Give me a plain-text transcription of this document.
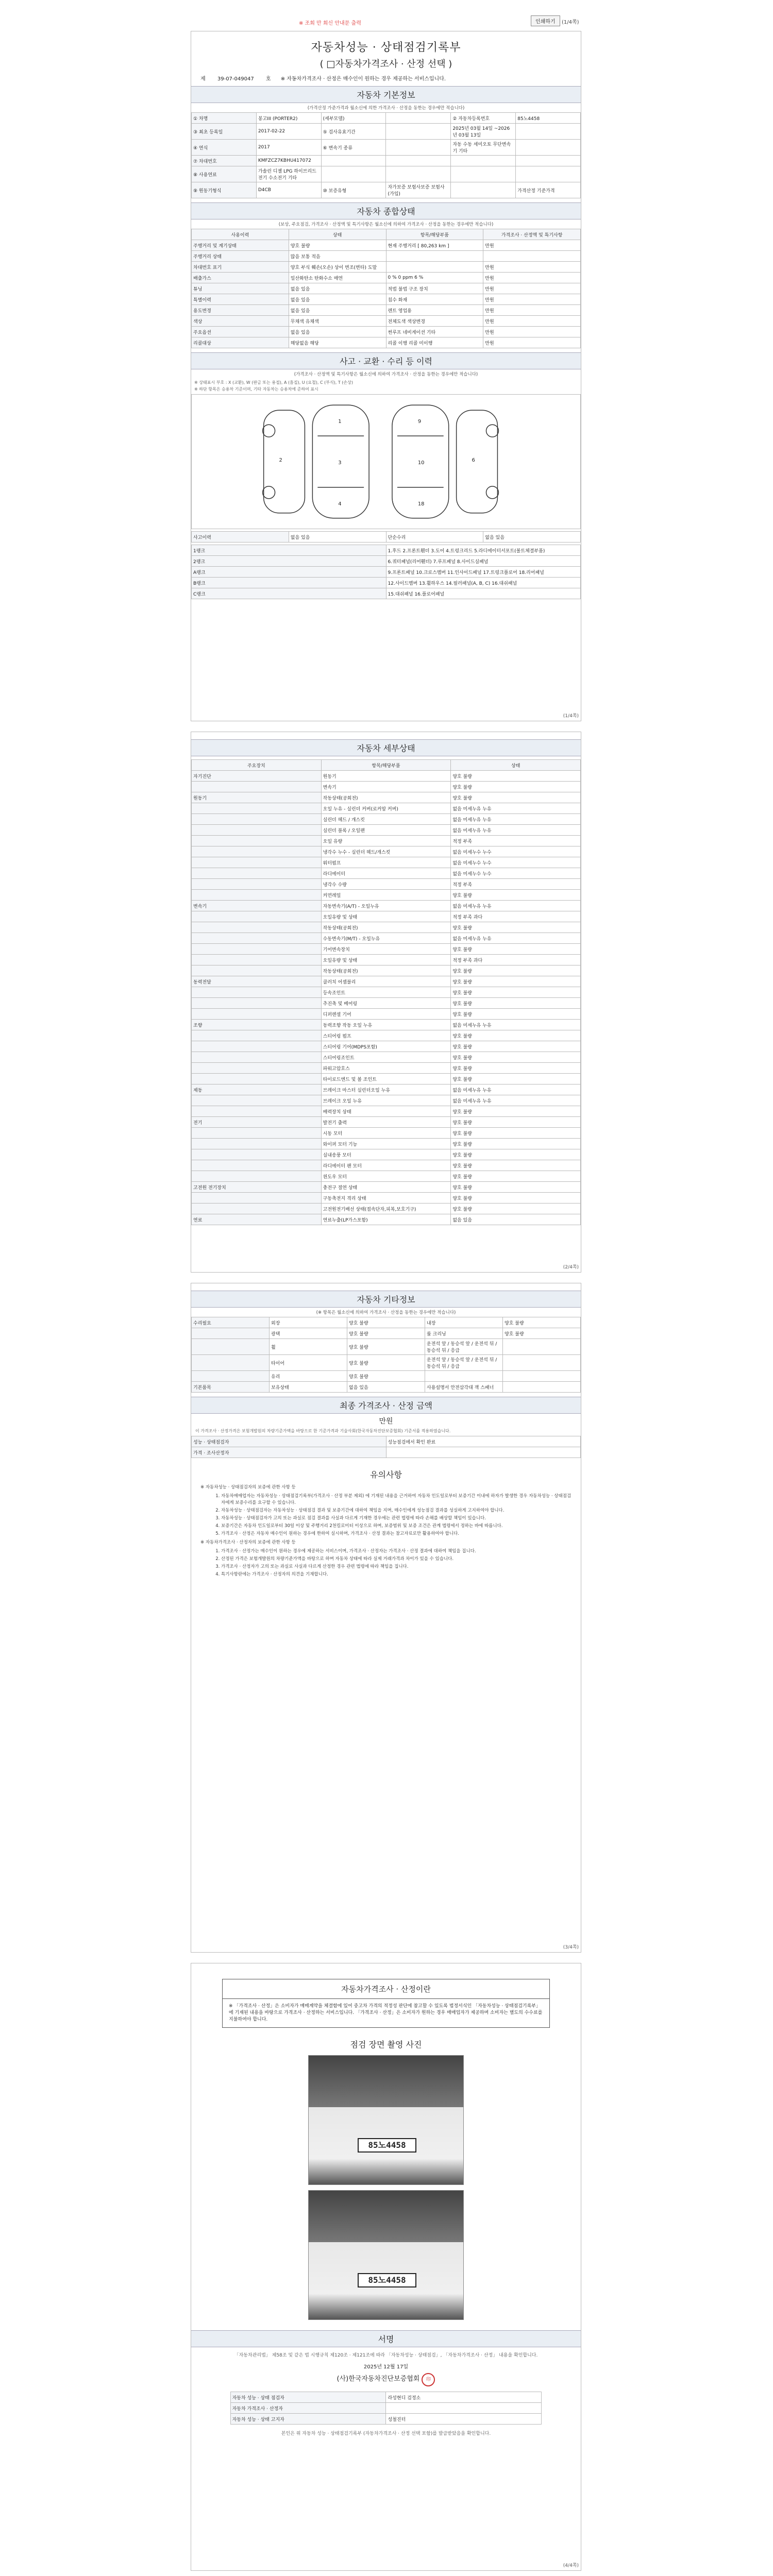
※ 조회 만 회신 안내문 출력	인쇄하기	(1/4쪽)
자동차성능 · 상태점검기록부
( □자동차가격조사 · 산정 선택 )
제 39-07-049047 호 ※ 자동차가격조사 · 산정은 매수인이 원하는 경우 제공하는 서비스입니다.
자동차 기본정보
(가격산정 가준가격과 월소신에 의한 가격조사 · 산정을 동한는 경우에만 적습니다)
① 차명	봉고III (PORTER2)	(세부모델)		② 자동차등록번호	85노4458
③ 최초 등록일	2017-02-22	⑤ 검사유효기간		2025년 03월 14일 ~2026년 03월 13일	
④ 연식	2017	⑥ 변속기 종류		자동 수동 세미오토 무단변속기 기타	
⑦ 차대번호	KMFZCZ7KBHU417072				
⑧ 사용연료	가솔린 디젤 LPG 하이브리드 전기 수소전기 기타				
⑨ 원동기형식	D4CB	⑩ 보증유형	자가보증 보험사보증 보험사(가입)		가격산정 기준가격
자동차 종합상태
(보상, 주요점검, 가격조사 · 산정액 및 특기사항은 월소신에 의하여 가격조사 · 산정을 동한는 경우에만 적습니다)
사용이력	상태	항목/해당부품	가격조사 · 산정액 및 특기사항
주행거리 및 계기상태	양호 불량	현재 주행거리 [ 80,263 km ]	만원
주행거리 상태	많음 보통 적음		
차대번호 표기	양호 부식 훼손(오손) 상이 변조(변타) 도말		만원
배출가스	일산화탄소 탄화수소 매연	0 % 0 ppm 6 %	만원
튜닝	없음 있음	적법 불법 구조 장치	만원
특별이력	없음 있음	침수 화재	만원
용도변경	없음 있음	렌트 영업용	만원
색상	무채색 유채색	전체도색 색상변경	만원
주요옵션	없음 있음	썬루프 네비게이션 기타	만원
리콜대상	해당없음 해당	리콜 이행 리콜 미이행	만원
사고 · 교환 · 수리 등 이력
(가격조사 · 산정액 및 특기사항은 월소신에 의하여 가격조사 · 산정을 동한는 경우에만 적습니다)
※ 상태표시 부호 : X (교환), W (판금 또는 용접), A (흠집), U (요철), C (부식), T (손상)
※ 하단 항목은 승용차 기준이며, 기타 자동차는 승용차에 준하여 표시
1
3
4
9
10
18
2	6
사고이력	없음 있음	단순수리	없음 있음
1랭크	1.후드 2.프론트휀더 3.도어 4.트렁크리드 5.라디에이터서포트(볼트체결부품)
2랭크	6.쿼터패널(리어휀더) 7.루프패널 8.사이드실패널
A랭크	9.프론트패널 10.크로스멤버 11.인사이드패널 17.트렁크플로어 18.리어패널
B랭크	12.사이드멤버 13.휠하우스 14.필러패널(A, B, C) 16.대쉬패널
C랭크	15.대쉬패널 16.플로어패널
(1/4쪽)
자동차 세부상태
주요장치	항목/해당부품	상태
자기진단	원동기	양호 불량
	변속기	양호 불량
원동기	작동상태(공회전)	양호 불량
	오일 누유 - 실린더 커버(로커암 커버)	없음 미세누유 누유
	실린더 헤드 / 개스킷	없음 미세누유 누유
	실린더 블록 / 오일팬	없음 미세누유 누유
	오일 유량	적정 부족
	냉각수 누수 - 실린더 헤드/개스킷	없음 미세누수 누수
	워터펌프	없음 미세누수 누수
	라디에이터	없음 미세누수 누수
	냉각수 수량	적정 부족
	커먼레일	양호 불량
변속기	자동변속기(A/T) - 오일누유	없음 미세누유 누유
	오일유량 및 상태	적정 부족 과다
	작동상태(공회전)	양호 불량
	수동변속기(M/T) - 오일누유	없음 미세누유 누유
	기어변속장치	양호 불량
	오일유량 및 상태	적정 부족 과다
	작동상태(공회전)	양호 불량
동력전달	클러치 어셈블리	양호 불량
	등속조인트	양호 불량
	추진축 및 베어링	양호 불량
	디퍼렌셜 기어	양호 불량
조향	동력조향 작동 오일 누유	없음 미세누유 누유
	스티어링 펌프	양호 불량
	스티어링 기어(MDPS포함)	양호 불량
	스티어링조인트	양호 불량
	파워고압호스	양호 불량
	타이로드엔드 및 볼 조인트	양호 불량
제동	브레이크 마스터 실린더오일 누유	없음 미세누유 누유
	브레이크 오일 누유	없음 미세누유 누유
	배력장치 상태	양호 불량
전기	발전기 출력	양호 불량
	시동 모터	양호 불량
	와이퍼 모터 기능	양호 불량
	실내송풍 모터	양호 불량
	라디에이터 팬 모터	양호 불량
	윈도우 모터	양호 불량
고전원 전기장치	충전구 절연 상태	양호 불량
	구동축전지 격리 상태	양호 불량
	고전원전기배선 상태(접속단자,피복,보호기구)	양호 불량
연료	연료누출(LP가스포함)	없음 있음
(2/4쪽)
자동차 기타정보
(※ 항목은 월소신에 의하여 가격조사 · 산정을 동한는 경우에만 적습니다)
수리필요	외장	양호 불량	내장	양호 불량
	광택	양호 불량	룸 크리닝	양호 불량
	휠	양호 불량	운전석 앞 / 동승석 앞 / 운전석 뒤 / 동승석 뒤 / 응급	
	타이어	양호 불량	운전석 앞 / 동승석 앞 / 운전석 뒤 / 동승석 뒤 / 응급	
	유리	양호 불량		
기본품목	보유상태	없음 있음	사용설명서 안전삼각대 잭 스패너	
최종 가격조사 · 산정 금액
만원
이 가격조사 · 산정가격은 보험개발원의 차량기준가액을 바탕으로 한 기준가격과 기술사회(한국자동차진단보증협회) 기준서를 적용하였습니다.
성능 · 상태점검자	성능점검에서 확인 완료
가격 · 조사산정자	
유의사항
※ 자동차성능 · 상태점검자의 보증에 관한 사항 등
1. 자동차매매업자는 자동차성능 · 상태점검기록부(가격조사 · 산정 부분 제외) 에 기재된 내용을 근거하여 자동차 인도일로부터 보증기간 이내에 하자가 발생한 경우 자동차성능 · 상태점검자에게 보증수리를 요구할 수 있습니다.
2. 자동차성능 · 상태점검자는 자동차성능 · 상태점검 결과 및 보증기간에 대하여 책임을 지며, 매수인에게 성능점검 결과를 성실하게 고지하여야 합니다.
3. 자동차성능 · 상태점검자가 고의 또는 과실로 점검 결과를 사실과 다르게 기재한 경우에는 관련 법령에 따라 손해를 배상할 책임이 있습니다.
4. 보증기간은 자동차 인도일로부터 30일 이상 및 주행거리 2천킬로미터 이상으로 하며, 보증범위 및 보증 조건은 관계 법령에서 정하는 바에 따릅니다.
5. 가격조사 · 산정은 자동차 매수인이 원하는 경우에 한하여 실시하며, 가격조사 · 산정 결과는 참고자료로만 활용하여야 합니다.
※ 자동차가격조사 · 산정자의 보증에 관한 사항 등
1. 가격조사 · 산정가는 매수인이 원하는 경우에 제공하는 서비스이며, 가격조사 · 산정자는 가격조사 · 산정 결과에 대하여 책임을 집니다.
2. 산정된 가격은 보험개발원의 차량기준가액을 바탕으로 하며 자동차 상태에 따라 실제 거래가격과 차이가 있을 수 있습니다.
3. 가격조사 · 산정자가 고의 또는 과실로 사실과 다르게 산정한 경우 관련 법령에 따라 책임을 집니다.
4. 특기사항란에는 가격조사 · 산정자의 의견을 기재합니다.
(3/4쪽)
자동차가격조사 · 산정이란
※ 「가격조사 · 산정」은 소비자가 매매계약을 체결함에 있어 중고차 가격의 적정성 판단에 참고할 수 있도록 법정서식인 「자동차성능 · 상태점검기록부」에 기재된 내용을 바탕으로 가격조사 · 산정하는 서비스입니다. 「가격조사 · 산정」은 소비자가 원하는 경우 매매업자가 제공하며 소비자는 별도의 수수료를 지불하여야 합니다.
점검 장면 촬영 사진
85노4458
85노4458
서명
「자동차관리법」 제58조 및 같은 법 시행규칙 제120조 · 제121조에 따라 「자동차성능 · 상태점검」, 「자동차가격조사 · 산정」 내용을 확인합니다.
2025년 12월 17일
(사)한국자동차진단보증협회 印
자동차 성능 · 상태 점검자	라성현디 검정소
자동차 가격조사 · 산정자	
자동차 성능 · 상태 고지자	성철진터
본인은 위 자동차 성능 · 상태점검기록부 (자동차가격조사 · 산정 선택 포함)를 발급받았음을 확인합니다.
(4/4쪽)
